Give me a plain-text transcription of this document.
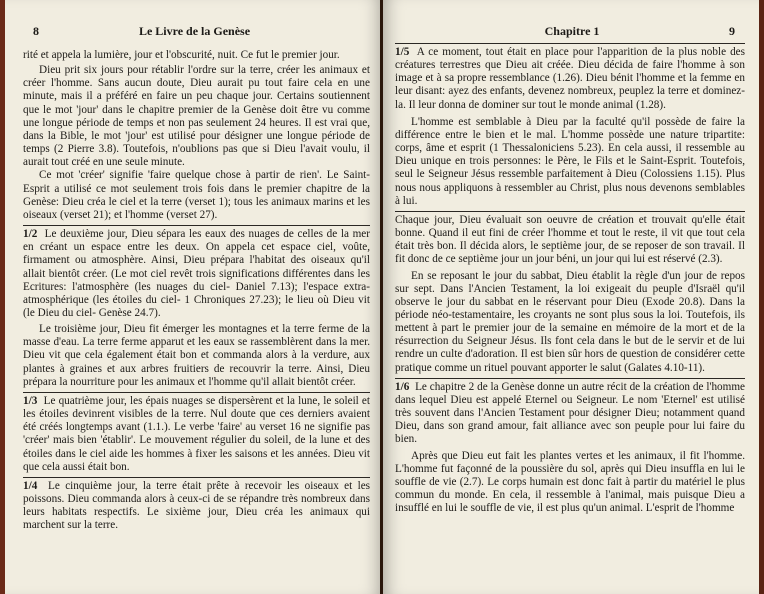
8	Le Livre de la Genèse

rité et appela la lumière, jour et l'obscurité, nuit. Ce fut le premier jour.

Dieu prit six jours pour rétablir l'ordre sur la terre, créer les animaux et créer l'homme. Sans aucun doute, Dieu aurait pu tout faire cela en une minute, mais il a préféré en faire un peu chaque jour. Certains soutiennent que le mot 'jour' dans le chapitre premier de la Genèse doit être vu comme une longue période de temps et non pas seulement 24 heures. Il est vrai que, dans la Bible, le mot 'jour' est utilisé pour désigner une longue période de temps (2 Pierre 3.8). Toutefois, n'oublions pas que si Dieu l'avait voulu, il aurait tout créé en une seule minute.

Ce mot 'créer' signifie 'faire quelque chose à partir de rien'. Le Saint-Esprit a utilisé ce mot seulement trois fois dans le premier chapitre de la Genèse: Dieu créa le ciel et la terre (verset 1); tous les animaux marins et les oiseaux (verset 21); et l'homme (verset 27).

1/2 Le deuxième jour, Dieu sépara les eaux des nuages de celles de la mer en créant un espace entre les deux. On appela cet espace ciel, voûte, firmament ou atmosphère. Ainsi, Dieu prépara l'habitat des oiseaux qu'il allait bientôt créer. (Le mot ciel revêt trois significations différentes dans les Ecritures: l'atmosphère (les nuages du ciel- Daniel 7.13); l'espace extra-atmosphérique (les étoiles du ciel- 1 Chroniques 27.23); le lieu où Dieu vit (le Dieu du ciel- Genèse 24.7).

Le troisième jour, Dieu fit émerger les montagnes et la terre ferme de la masse d'eau. La terre ferme apparut et les eaux se rassemblèrent dans la mer. Dieu vit que cela également était bon et commanda alors à la verdure, aux plantes à graines et aux arbres fruitiers de recouvrir la terre. Ainsi, Dieu prépara la nourriture pour les animaux et l'homme qu'il allait bientôt créer.

1/3 Le quatrième jour, les épais nuages se dispersèrent et la lune, le soleil et les étoiles devinrent visibles de la terre. Nul doute que ces derniers avaient été créés longtemps avant (1.1.). Le verbe 'faire' au verset 16 ne signifie pas 'créer' mais bien 'établir'. Le mouvement régulier du soleil, de la lune et des étoiles dans le ciel aide les hommes à fixer les saisons et les années. Dieu vit que cela aussi était bon.

1/4 Le cinquième jour, la terre était prête à recevoir les oiseaux et les poissons. Dieu commanda alors à ceux-ci de se répandre très nombreux dans leurs habitats respectifs. Le sixième jour, Dieu créa les animaux qui marchent sur la terre.

Chapitre 1	9

1/5 A ce moment, tout était en place pour l'apparition de la plus noble des créatures terrestres que Dieu ait créée. Dieu décida de faire l'homme à son image et à sa propre ressemblance (1.26). Dieu bénit l'homme et la femme en leur disant: ayez des enfants, devenez nombreux, peuplez la terre et dominez-la. Il leur donna de dominer sur tout le monde animal (1.28).

L'homme est semblable à Dieu par la faculté qu'il possède de faire la différence entre le bien et le mal. L'homme possède une nature tripartite: corps, âme et esprit (1 Thessaloniciens 5.23). En cela aussi, il ressemble au Dieu unique en trois personnes: le Père, le Fils et le Saint-Esprit. Toutefois, seul le Seigneur Jésus ressemble parfaitement à Dieu (Colossiens 1.15). Plus nous nous appliquons à ressembler au Christ, plus nous devenons semblables à lui.

Chaque jour, Dieu évaluait son oeuvre de création et trouvait qu'elle était bonne. Quand il eut fini de créer l'homme et tout le reste, il vit que tout cela était très bon. Il décida alors, le septième jour, de se reposer de son travail. Il fit donc de ce septième jour un jour béni, un jour qui lui est réservé (2.3).

En se reposant le jour du sabbat, Dieu établit la règle d'un jour de repos sur sept. Dans l'Ancien Testament, la loi exigeait du peuple d'Israël qu'il observe le jour du sabbat en le réservant pour Dieu (Exode 20.8). Dans la période néo-testamentaire, les croyants ne sont plus sous la loi. Toutefois, ils mettent à part le premier jour de la semaine en mémoire de la mort et de la résurrection du Seigneur Jésus. Ils font cela dans le but de le servir et de lui rendre un culte d'adoration. Il est bien sûr hors de question de considérer cette pratique comme un rituel pouvant apporter le salut (Galates 4.10-11).

1/6 Le chapitre 2 de la Genèse donne un autre récit de la création de l'homme dans lequel Dieu est appelé Eternel ou Seigneur. Le nom 'Eternel' est utilisé très souvent dans l'Ancien Testament pour désigner Dieu; notamment quand Dieu, dans son grand amour, fait alliance avec son peuple pour lui faire du bien.

Après que Dieu eut fait les plantes vertes et les animaux, il fit l'homme. L'homme fut façonné de la poussière du sol, après qui Dieu insuffla en lui le souffle de vie (2.7). Le corps humain est donc fait à partir du matériel le plus commun du monde. En cela, il ressemble à l'animal, mais puisque Dieu a insufflé en lui le souffle de vie, il est plus qu'un animal. L'esprit de l'homme
